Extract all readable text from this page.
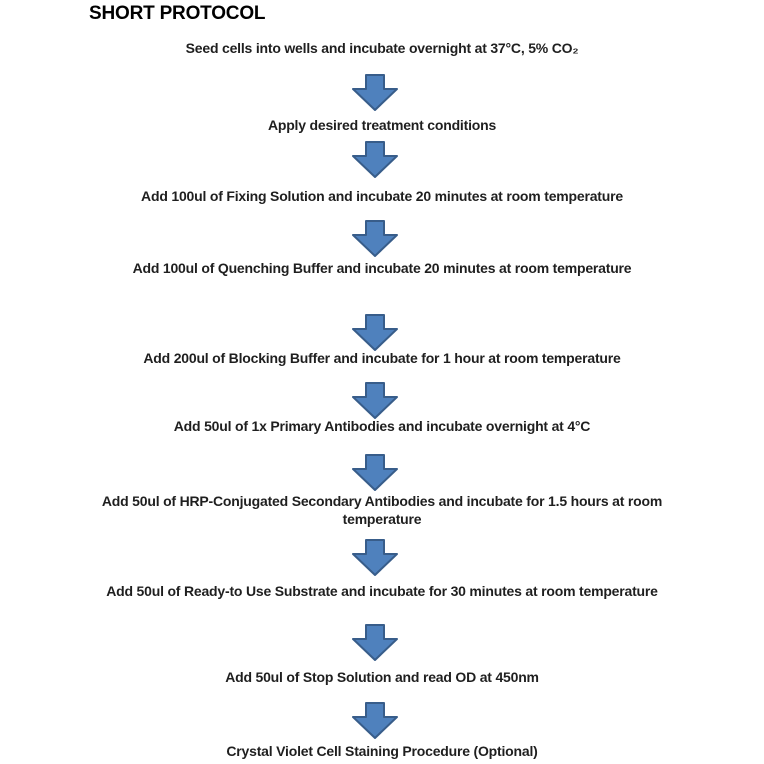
SHORT PROTOCOL
Seed cells into wells and incubate overnight at 37°C, 5% CO₂
Apply desired treatment conditions
Add 100ul of Fixing Solution and incubate 20 minutes at room temperature
Add 100ul of Quenching Buffer and incubate 20 minutes at room temperature
Add 200ul of Blocking Buffer and incubate for 1 hour at room temperature
Add 50ul of 1x Primary Antibodies and incubate overnight at 4°C
Add 50ul of HRP-Conjugated Secondary Antibodies and incubate for 1.5 hours at room temperature
Add 50ul of Ready-to Use Substrate and incubate for 30 minutes at room temperature
Add 50ul of Stop Solution and read OD at 450nm
Crystal Violet Cell Staining Procedure (Optional)
